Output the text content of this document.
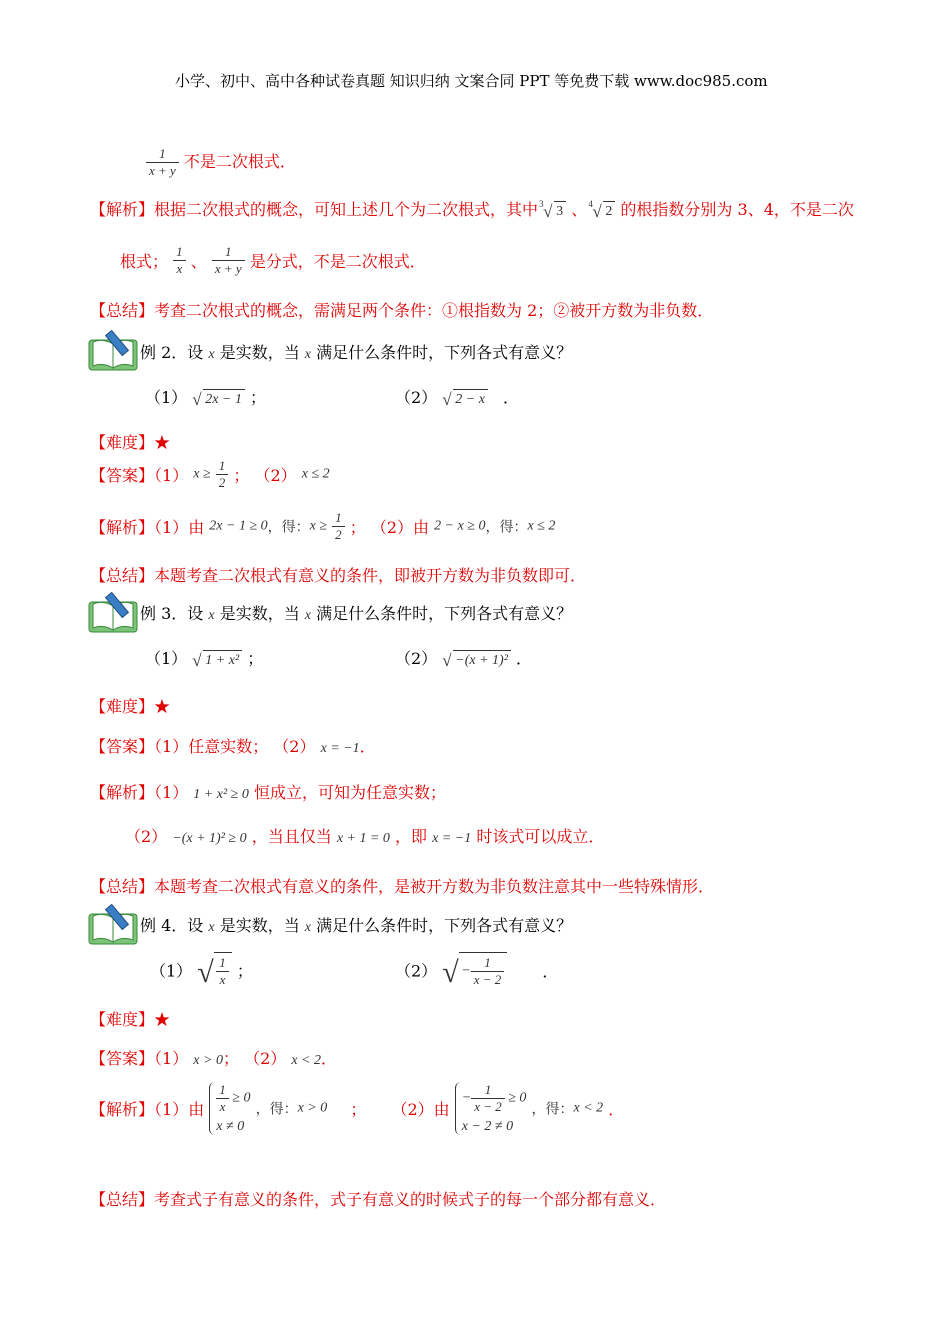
小学、初中、高中各种试卷真题 知识归纳 文案合同 PPT 等免费下载 www.doc985.com
$\frac{1}{x + y}$ 不是二次根式．
【解析】根据二次根式的概念，可知上述几个为二次根式，其中 3 √ 3 、 4 √ 2 的根指数分别为 3、4，不是二次
根式； $\frac{1}{x}$ 、 $\frac{1}{x + y}$ 是分式，不是二次根式．
【总结】考查二次根式的概念，需满足两个条件：①根指数为 2；②被开方数为非负数．
例 2．设 x 是实数，当 x 满足什么条件时，下列各式有意义？
（1） √ 2x − 1 ；	（2） √ 2 − x ．
【难度】★
【答案】（1） $x \ge \frac{1}{2}$ ； （2） x ≤ 2
【解析】（1）由 2x − 1 ≥ 0，得：$x \ge \frac{1}{2}$ ； （2）由 2 − x ≥ 0，得：x ≤ 2
【总结】本题考查二次根式有意义的条件，即被开方数为非负数即可．
例 3．设 x 是实数，当 x 满足什么条件时，下列各式有意义？
（1） √ 1 + x² ；	（2） √ −(x + 1)² ．
【难度】★
【答案】（1）任意实数； （2） x = −1．
【解析】（1） 1 + x² ≥ 0 恒成立，可知为任意实数；
（2） −(x + 1)² ≥ 0 ，当且仅当 x + 1 = 0 ，即 x = −1 时该式可以成立．
【总结】本题考查二次根式有意义的条件，是被开方数为非负数注意其中一些特殊情形．
例 4．设 x 是实数，当 x 满足什么条件时，下列各式有意义？
（1） √ $\frac{1}{x}$ ；	（2） √ − $\frac{1}{x - 2}$ ．
【难度】★
【答案】（1） x > 0； （2） x < 2．
【解析】（1）由 $\frac{1}{x} \ge 0$
x ≠ 0
，得：x > 0 ； （2）由
− $\frac{1}{x - 2} \ge 0$
x − 2 ≠ 0
，得：x < 2 ．
【总结】考查式子有意义的条件，式子有意义的时候式子的每一个部分都有意义．
